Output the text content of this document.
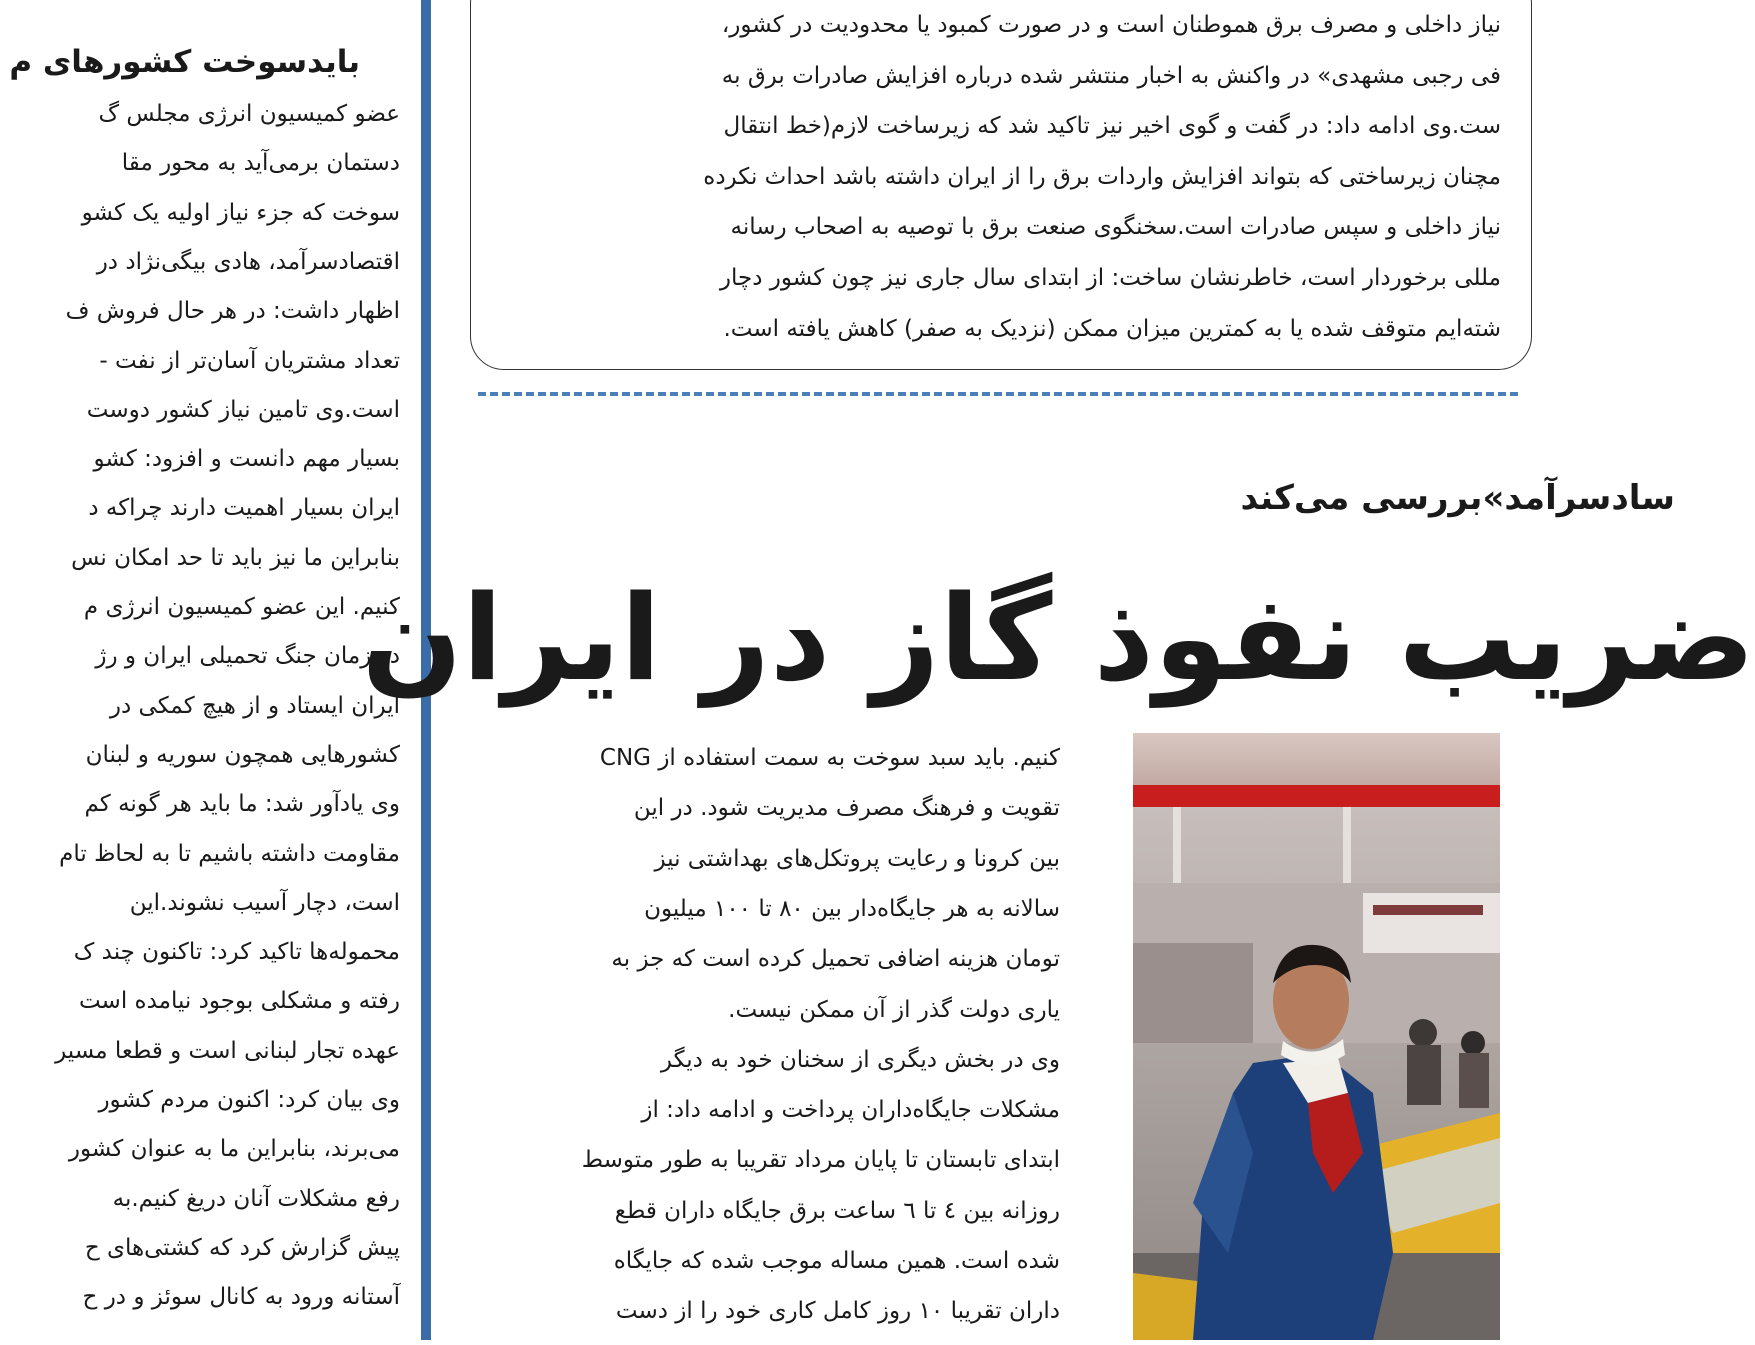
بایدسوخت کشورهای م
عضو کمیسیون انرژی مجلس گ
دستمان برمی‌آید به محور مقا
سوخت که جزء نیاز اولیه یک کشو
اقتصادسرآمد، هادی بیگی‌نژاد در
اظهار داشت: در هر حال فروش ف
تعداد مشتریان آسان‌تر از نفت -
است.وی تامین نیاز کشور دوست
بسیار مهم دانست و افزود: کشو
ایران بسیار اهمیت دارند چراکه د
بنابراین ما نیز باید تا حد امکان نس
کنیم. این عضو کمیسیون انرژی م
در زمان جنگ تحمیلی ایران و رژ
ایران ایستاد و از هیچ کمکی در
کشورهایی همچون سوریه و لبنان
وی یادآور شد: ما باید هر گونه کم
مقاومت داشته باشیم تا به لحاظ تام
است، دچار آسیب نشوند.این
محموله‌ها تاکید کرد: تاکنون چند ک
رفته و مشکلی بوجود نیامده است
عهده تجار لبنانی است و قطعا مسیر
وی بیان کرد: اکنون مردم کشور
می‌برند، بنابراین ما به عنوان کشور
رفع مشکلات آنان دریغ کنیم.به
پیش گزارش کرد که کشتی‌های ح
آستانه ورود به کانال سوئز و در ح
نیاز داخلی و مصرف برق هموطنان است و در صورت کمبود یا محدودیت در کشور،
فی رجبی مشهدی» در واکنش به اخبار منتشر شده درباره افزایش صادرات برق به
ست.وی ادامه داد: در گفت و گوی اخیر نیز تاکید شد که زیرساخت لازم(خط انتقال
مچنان زیرساختی که بتواند افزایش واردات برق را از ایران داشته باشد احداث نکرده
نیاز داخلی و سپس صادرات است.سخنگوی صنعت برق با توصیه به اصحاب رسانه
مللی برخوردار است، خاطرنشان ساخت: از ابتدای سال جاری نیز چون کشور دچار
شته‌ایم متوقف شده یا به کمترین میزان ممکن (نزدیک به صفر) کاهش یافته است.
سادسرآمد»بررسی می‌کند
ضریب نفوذ گاز در ایران
کنیم. باید سبد سوخت به سمت استفاده از CNG
تقویت و فرهنگ مصرف مدیریت شود. در این
بین کرونا و رعایت پروتکل‌های بهداشتی نیز
سالانه به هر جایگاه‌دار بین ۸۰ تا ۱۰۰ میلیون
تومان هزینه اضافی تحمیل کرده است که جز به
یاری دولت گذر از آن ممکن نیست.
وی در بخش دیگری از سخنان خود به دیگر
مشکلات جایگاه‌داران پرداخت و ادامه داد: از
ابتدای تابستان تا پایان مرداد تقریبا به طور متوسط
روزانه بین ٤ تا ٦ ساعت برق جایگاه داران قطع
شده است. همین مساله موجب شده که جایگاه
داران تقریبا ۱۰ روز کامل کاری خود را از دست
